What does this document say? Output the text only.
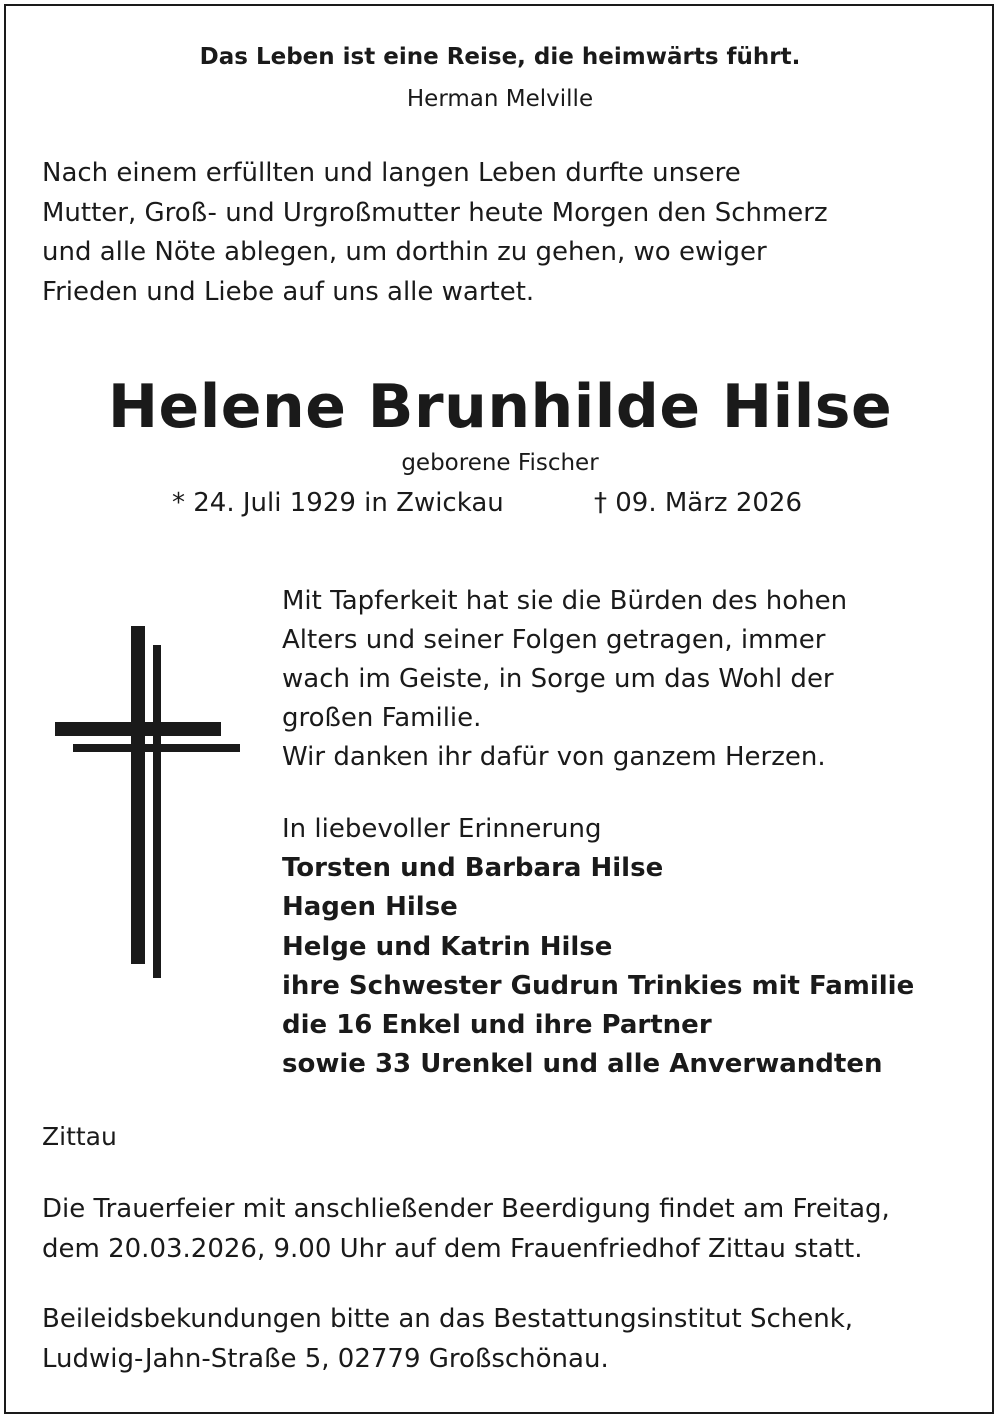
Das Leben ist eine Reise, die heimwärts führt.
Herman Melville
Nach einem erfüllten und langen Leben durfte unsere
Mutter, Groß- und Urgroßmutter heute Morgen den Schmerz
und alle Nöte ablegen, um dorthin zu gehen, wo ewiger
Frieden und Liebe auf uns alle wartet.
Helene Brunhilde Hilse
geborene Fischer
* 24. Juli 1929 in Zwickau	† 09. März 2026
Mit Tapferkeit hat sie die Bürden des hohen
Alters und seiner Folgen getragen, immer
wach im Geiste, in Sorge um das Wohl der
großen Familie.
Wir danken ihr dafür von ganzem Herzen.
In liebevoller Erinnerung
Torsten und Barbara Hilse
Hagen Hilse
Helge und Katrin Hilse
ihre Schwester Gudrun Trinkies mit Familie
die 16 Enkel und ihre Partner
sowie 33 Urenkel und alle Anverwandten
Zittau
Die Trauerfeier mit anschließender Beerdigung findet am Freitag,
dem 20.03.2026, 9.00 Uhr auf dem Frauenfriedhof Zittau statt.
Beileidsbekundungen bitte an das Bestattungsinstitut Schenk,
Ludwig-Jahn-Straße 5, 02779 Großschönau.
